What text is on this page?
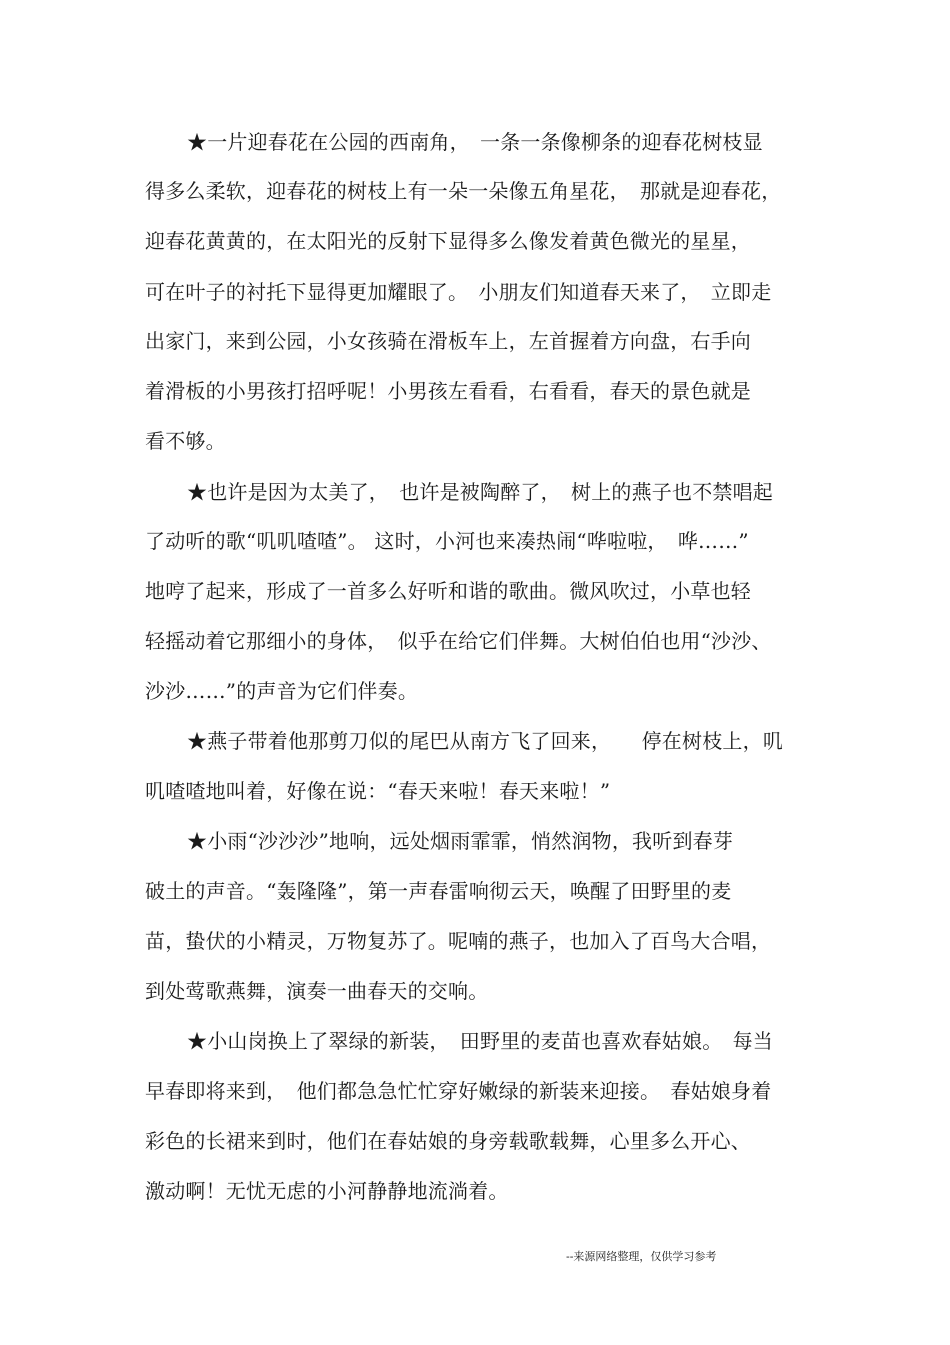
★一片迎春花在公园的西南角，　一条一条像柳条的迎春花树枝显
得多么柔软，迎春花的树枝上有一朵一朵像五角星花，　那就是迎春花，
迎春花黄黄的，在太阳光的反射下显得多么像发着黄色微光的星星，
可在叶子的衬托下显得更加耀眼了。　小朋友们知道春天来了，　立即走
出家门，来到公园，小女孩骑在滑板车上，左首握着方向盘，右手向
着滑板的小男孩打招呼呢！小男孩左看看，右看看，春天的景色就是
看不够。
★也许是因为太美了，　也许是被陶醉了，　树上的燕子也不禁唱起
了动听的歌“叽叽喳喳”。 这时，小河也来凑热闹“哗啦啦，　哗……”
地哼了起来，形成了一首多么好听和谐的歌曲。微风吹过，小草也轻
轻摇动着它那细小的身体，　似乎在给它们伴舞。大树伯伯也用“沙沙、
沙沙……”的声音为它们伴奏。
★燕子带着他那剪刀似的尾巴从南方飞了回来，　　停在树枝上，叽
叽喳喳地叫着，好像在说：“春天来啦！春天来啦！”
★小雨“沙沙沙”地响，远处烟雨霏霏，悄然润物，我听到春芽
破土的声音。“轰隆隆”，第一声春雷响彻云天，唤醒了田野里的麦
苗，蛰伏的小精灵，万物复苏了。呢喃的燕子，也加入了百鸟大合唱，
到处莺歌燕舞，演奏一曲春天的交响。
★小山岗换上了翠绿的新装，　田野里的麦苗也喜欢春姑娘。　每当
早春即将来到，　他们都急急忙忙穿好嫩绿的新装来迎接。　春姑娘身着
彩色的长裙来到时，他们在春姑娘的身旁载歌载舞，心里多么开心、
激动啊！无忧无虑的小河静静地流淌着。
--来源网络整理，仅供学习参考
